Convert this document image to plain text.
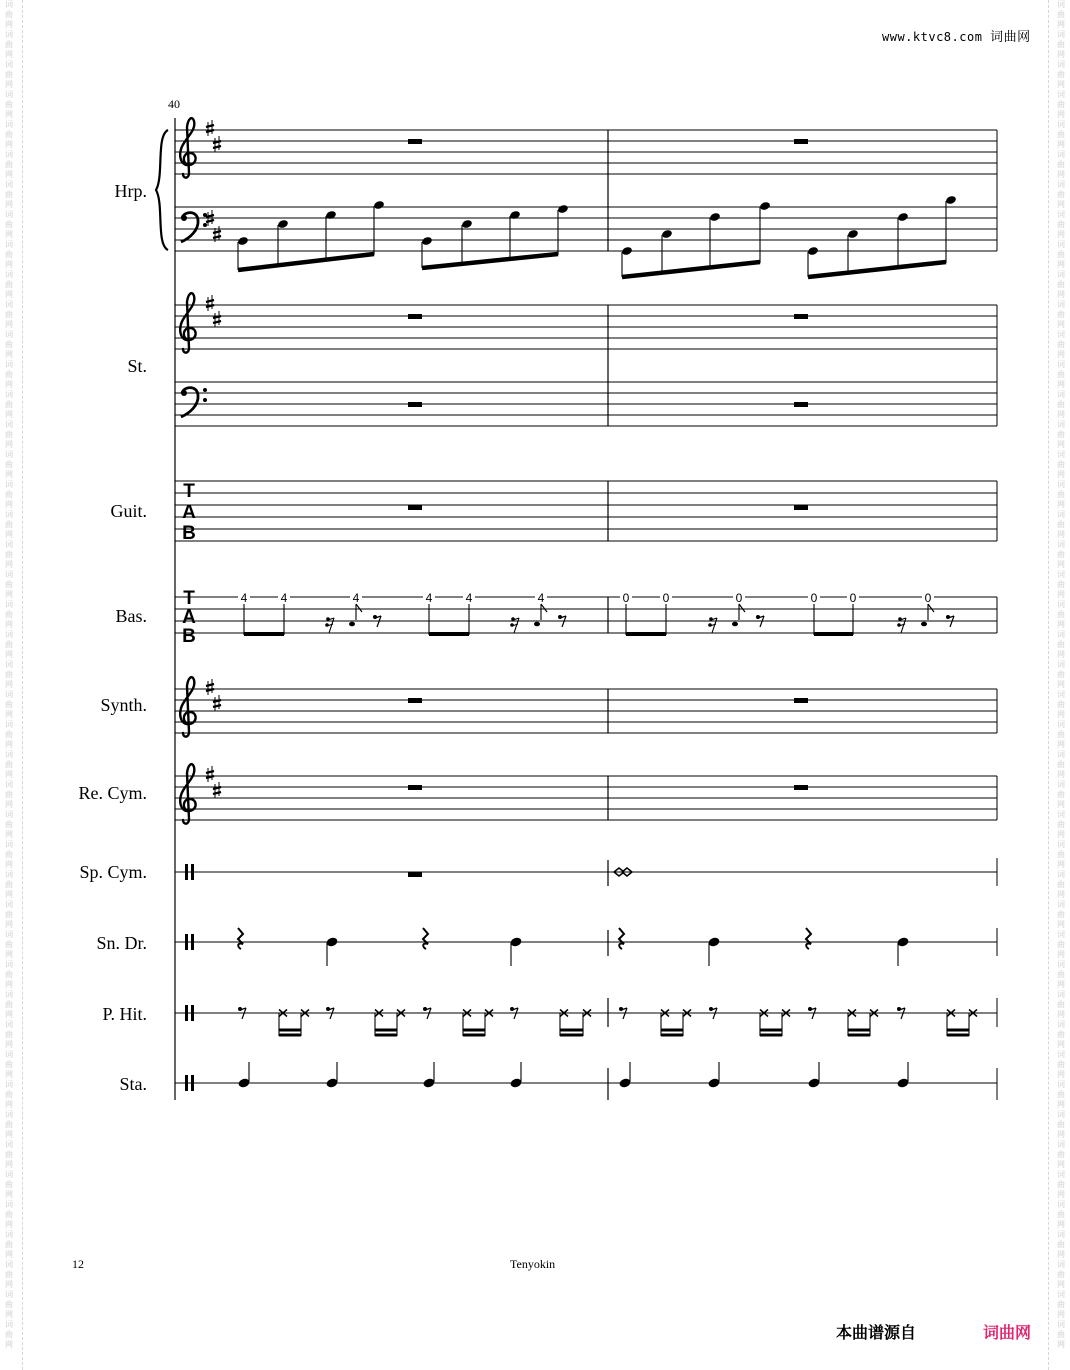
词曲网词曲网词曲网词曲网词曲网词曲网词曲网词曲网词曲网词曲网词曲网词曲网词曲网词曲网词曲网词曲网词曲网词曲网词曲网词曲网词曲网词曲网词曲网词曲网词曲网词曲网词曲网词曲网词曲网词曲网词曲网词曲网词曲网词曲网词曲网词曲网词曲网词曲网词曲网词曲网词曲网词曲网词曲网词曲网词曲网
词曲网词曲网词曲网词曲网词曲网词曲网词曲网词曲网词曲网词曲网词曲网词曲网词曲网词曲网词曲网词曲网词曲网词曲网词曲网词曲网词曲网词曲网词曲网词曲网词曲网词曲网词曲网词曲网词曲网词曲网词曲网词曲网词曲网词曲网词曲网词曲网词曲网词曲网词曲网词曲网词曲网词曲网词曲网词曲网词曲网
www.ktvc8.com 词曲网
40
Hrp.
St.
Guit.
Bas.
Synth.
Re. Cym.
Sp. Cym.
Sn. Dr.
P. Hit.
Sta.
T
A
B
T
A
B
4	4	4	4	4	4	0	0	0	0	0	0
12	Tenyokin
本曲谱源自	词曲网
